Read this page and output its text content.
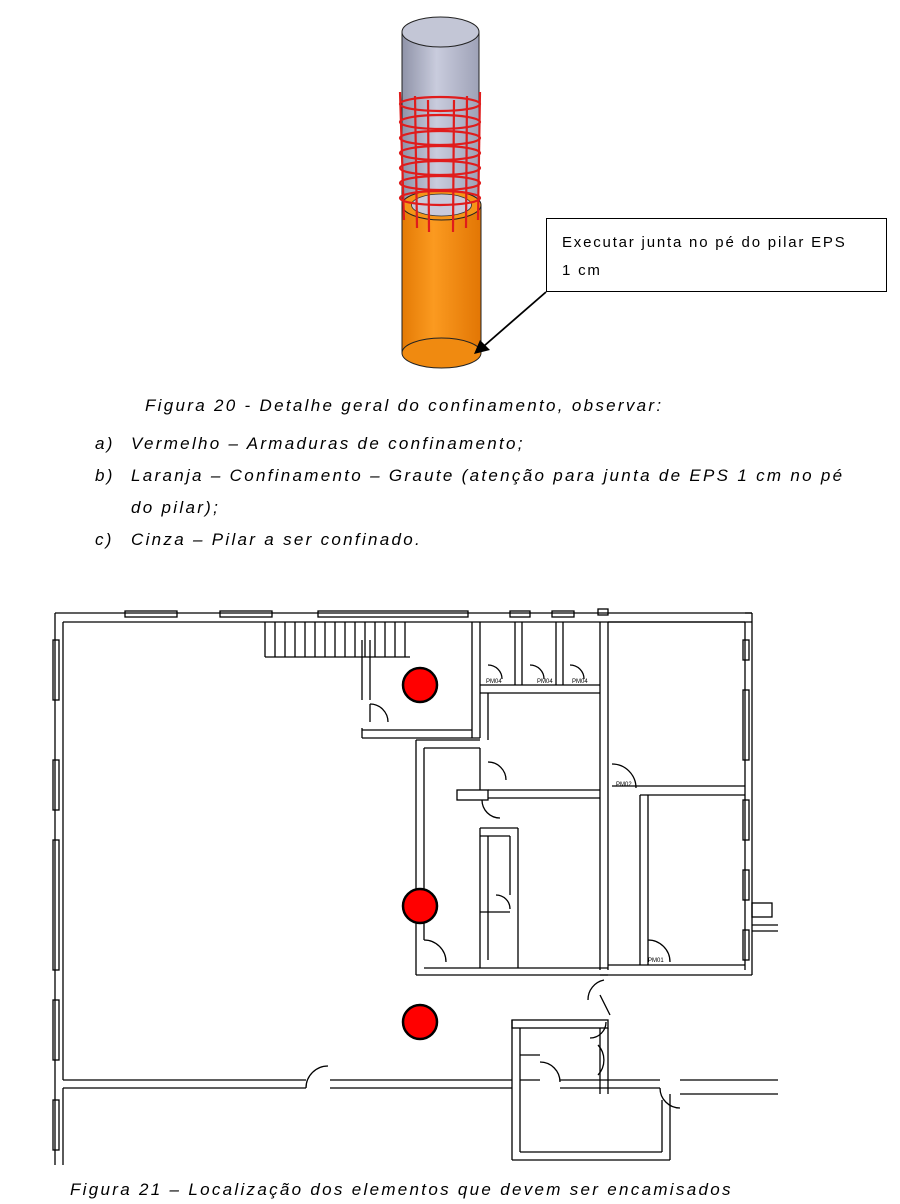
Executar junta no pé do pilar EPS
1 cm
Figura 20 - Detalhe geral do confinamento, observar:
a) Vermelho – Armaduras de confinamento;
b) Laranja – Confinamento – Graute (atenção para junta de EPS 1 cm no pé do pilar);
c) Cinza – Pilar a ser confinado.
PM04	PM04	PM04
PM02
PM01
Figura 21 – Localização dos elementos que devem ser encamisados
